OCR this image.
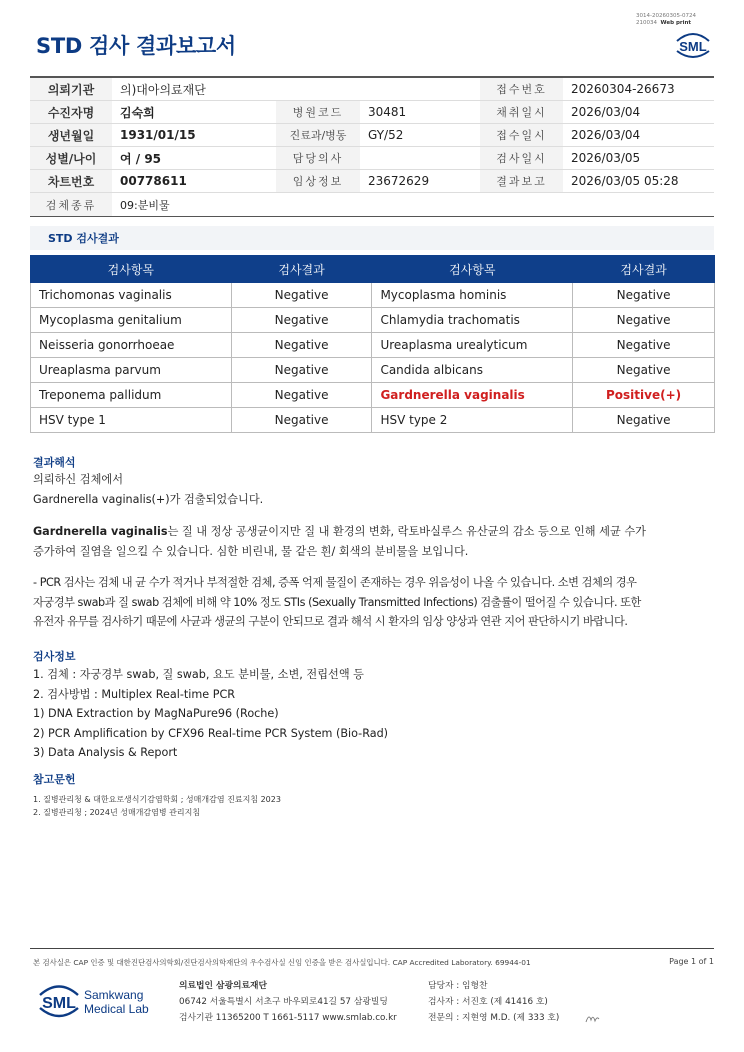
STD 검사 결과보고서
3014-20260305-0724
210034 Web print
SML
의뢰기관	의)대아의료재단			접수번호	20260304-26673
수진자명	김숙희	병원코드	30481	채취일시	2026/03/04
생년월일	1931/01/15	진료과/병동	GY/52	접수일시	2026/03/04
성별/나이	여 / 95	담당의사		검사일시	2026/03/05
차트번호	00778611	임상정보	23672629	결과보고	2026/03/05 05:28
검체종류	09:분비물				
STD 검사결과
검사항목	검사결과	검사항목	검사결과
Trichomonas vaginalis	Negative	Mycoplasma hominis	Negative
Mycoplasma genitalium	Negative	Chlamydia trachomatis	Negative
Neisseria gonorrhoeae	Negative	Ureaplasma urealyticum	Negative
Ureaplasma parvum	Negative	Candida albicans	Negative
Treponema pallidum	Negative	Gardnerella vaginalis	Positive(+)
HSV type 1	Negative	HSV type 2	Negative
결과해석
의뢰하신 검체에서
Gardnerella vaginalis(+)가 검출되었습니다.
Gardnerella vaginalis는 질 내 정상 공생균이지만 질 내 환경의 변화, 락토바실루스 유산균의 감소 등으로 인해 세균 수가
증가하여 질염을 일으킬 수 있습니다. 심한 비린내, 물 같은 흰/ 회색의 분비물을 보입니다.
- PCR 검사는 검체 내 균 수가 적거나 부적절한 검체, 증폭 억제 물질이 존재하는 경우 위음성이 나올 수 있습니다. 소변 검체의 경우
자궁경부 swab과 질 swab 검체에 비해 약 10% 정도 STIs (Sexually Transmitted Infections) 검출률이 떨어질 수 있습니다. 또한
유전자 유무를 검사하기 때문에 사균과 생균의 구분이 안되므로 결과 해석 시 환자의 임상 양상과 연관 지어 판단하시기 바랍니다.
검사정보
1. 검체 : 자궁경부 swab, 질 swab, 요도 분비물, 소변, 전립선액 등
2. 검사방법 : Multiplex Real-time PCR
1) DNA Extraction by MagNaPure96 (Roche)
2) PCR Amplification by CFX96 Real-time PCR System (Bio-Rad)
3) Data Analysis & Report
참고문헌
1. 질병관리청 & 대한요로생식기감염학회 ; 성매개감염 진료지침 2023
2. 질병관리청 ; 2024년 성매개감염병 관리지침
본 검사실은 CAP 인증 및 대한진단검사의학회/진단검사의학재단의 우수검사실 신임 인증을 받은 검사실입니다. CAP Accredited Laboratory. 69944-01	Page 1 of 1
SML Samkwang
Medical Lab
의료법인 삼광의료재단
06742 서울특별시 서초구 바우뫼로41길 57 삼광빌딩
검사기관 11365200 T 1661-5117 www.smlab.co.kr
담당자 : 임형찬
검사자 : 서진호 (제 41416 호)
전문의 : 지현영 M.D. (제 333 호)
